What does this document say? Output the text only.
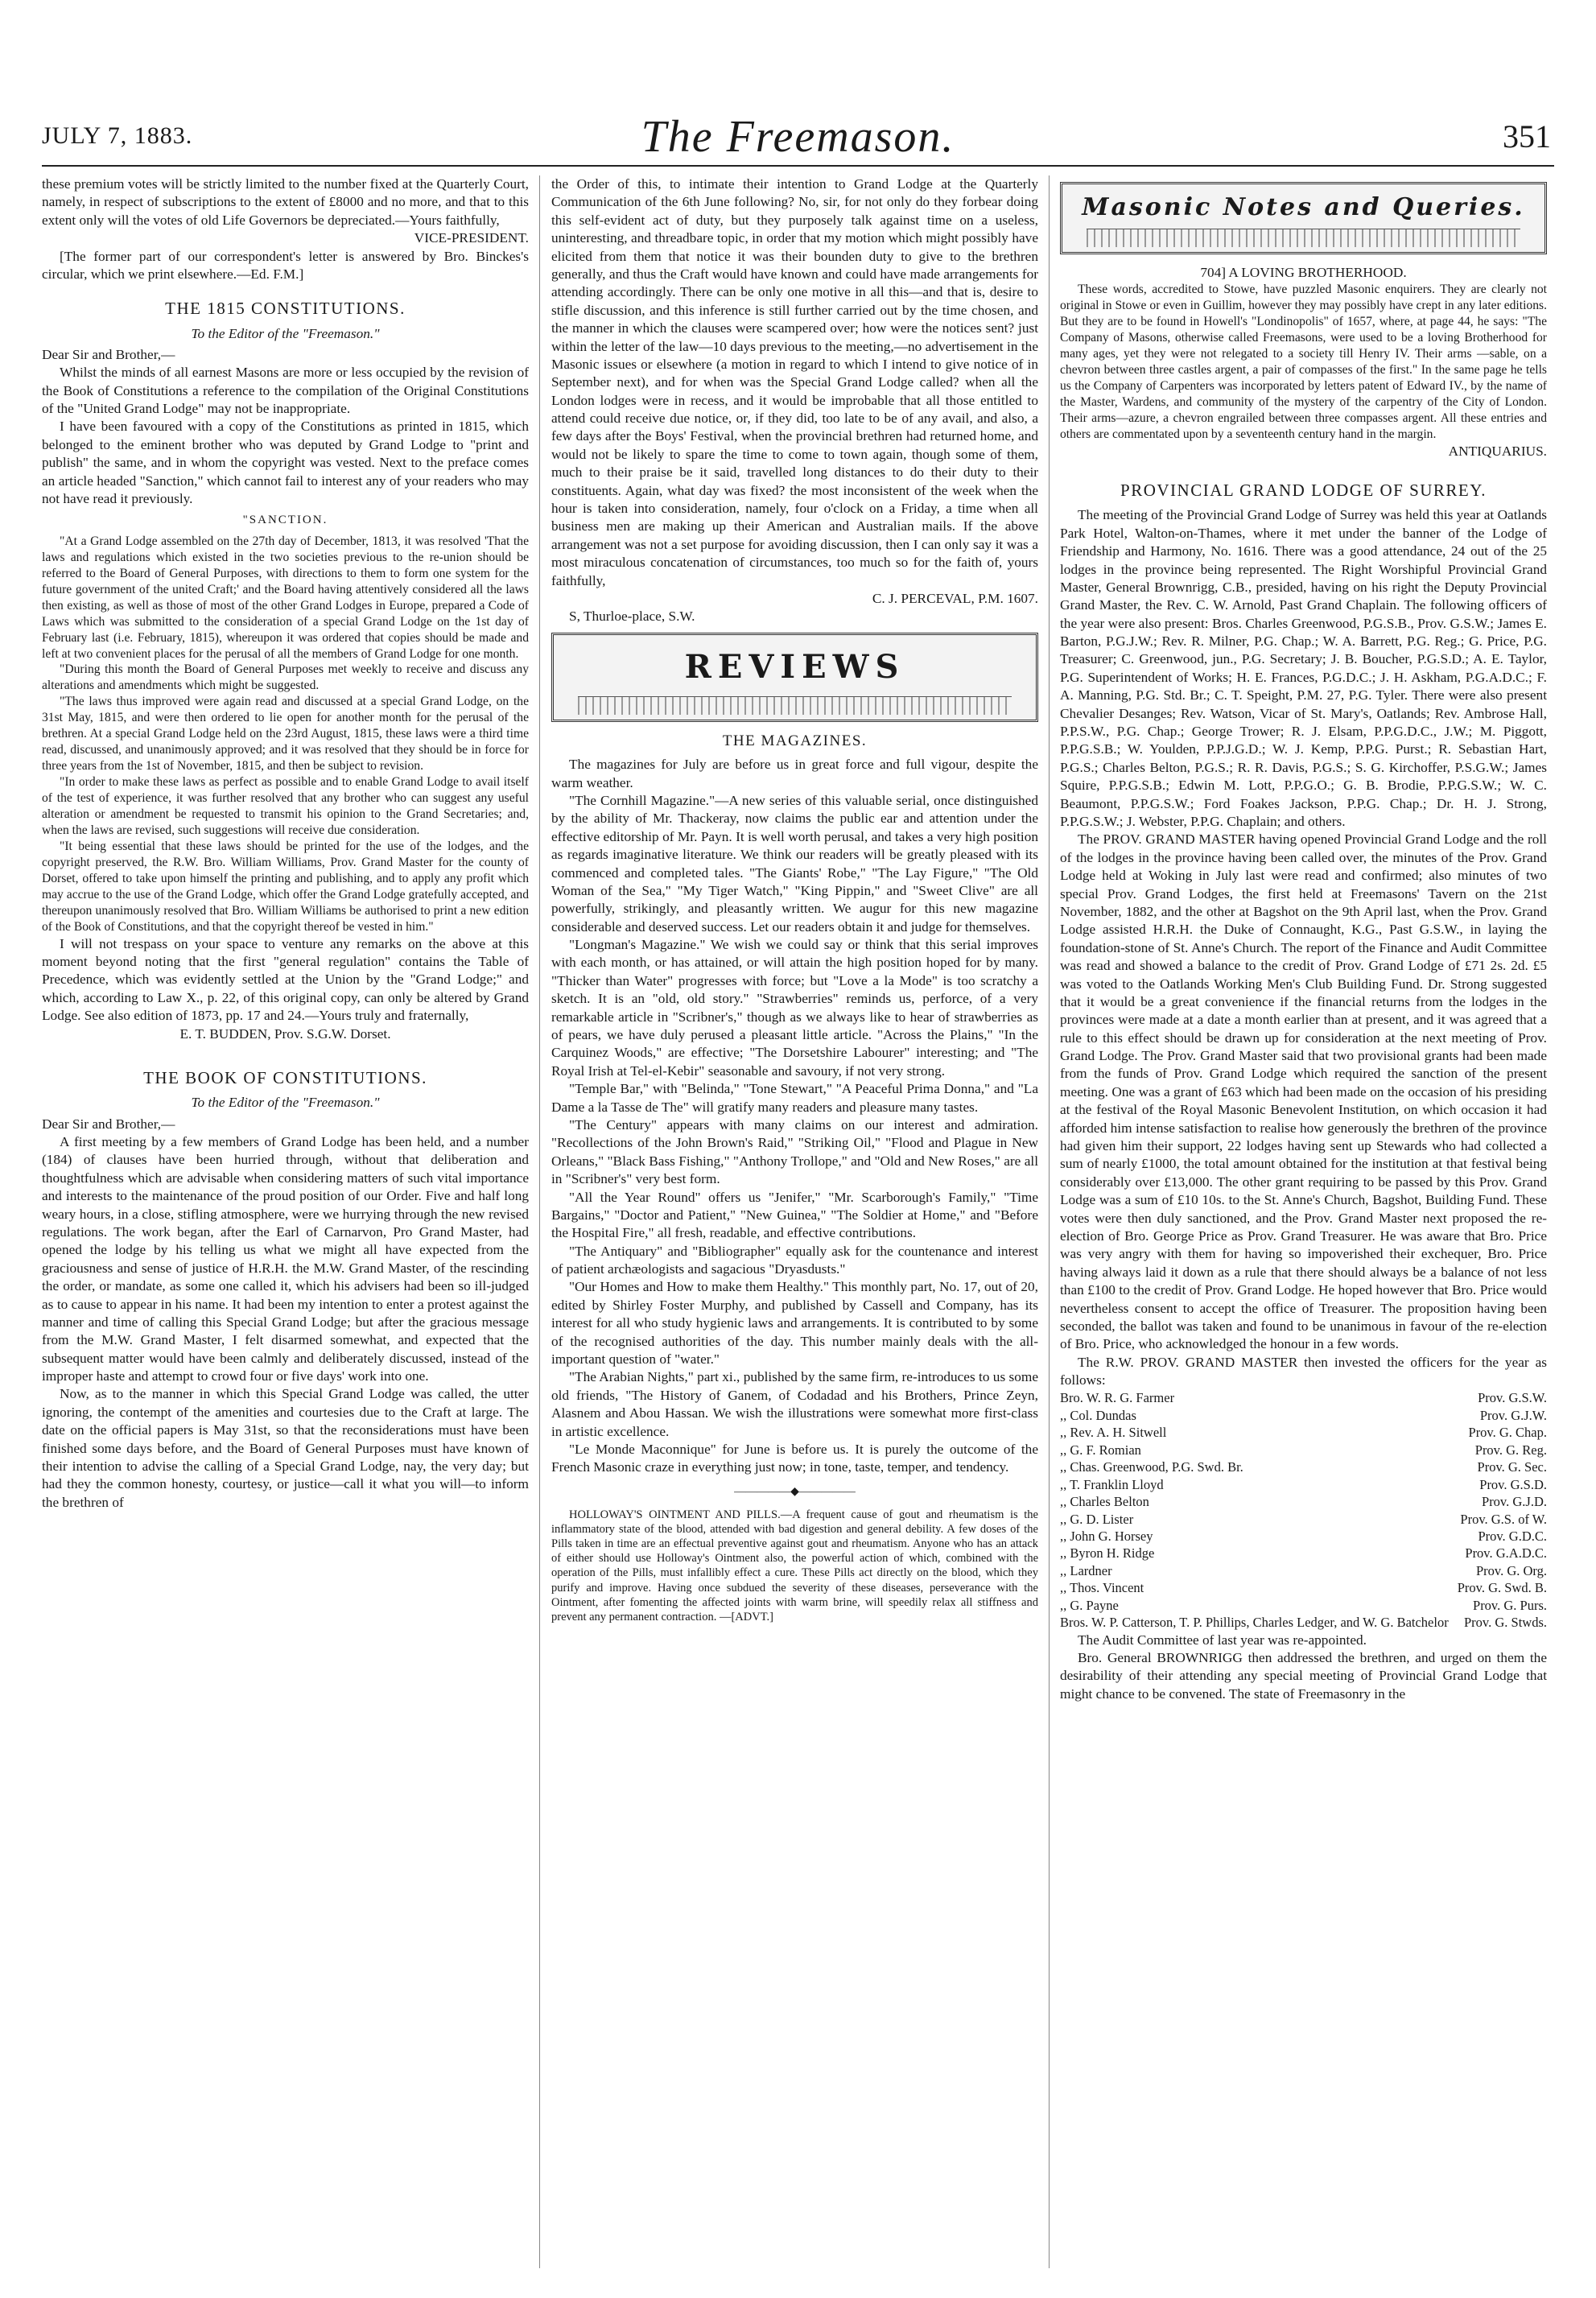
JULY 7, 1883.	The Freemason.	351

these premium votes will be strictly limited to the number fixed at the Quarterly Court, namely, in respect of subscriptions to the extent of £8000 and no more, and that to this extent only will the votes of old Life Governors be depreciated.—Yours faithfully,

VICE-PRESIDENT.

[The former part of our correspondent's letter is answered by Bro. Binckes's circular, which we print elsewhere.—Ed. F.M.]

THE 1815 CONSTITUTIONS.

To the Editor of the "Freemason."

Dear Sir and Brother,—

Whilst the minds of all earnest Masons are more or less occupied by the revision of the Book of Constitutions a reference to the compilation of the Original Constitutions of the "United Grand Lodge" may not be inappropriate.

I have been favoured with a copy of the Constitutions as printed in 1815, which belonged to the eminent brother who was deputed by Grand Lodge to "print and publish" the same, and in whom the copyright was vested. Next to the preface comes an article headed "Sanction," which cannot fail to interest any of your readers who may not have read it previously.

"SANCTION.

"At a Grand Lodge assembled on the 27th day of December, 1813, it was resolved 'That the laws and regulations which existed in the two societies previous to the re-union should be referred to the Board of General Purposes, with directions to them to form one system for the future government of the united Craft;' and the Board having attentively considered all the laws then existing, as well as those of most of the other Grand Lodges in Europe, prepared a Code of Laws which was submitted to the consideration of a special Grand Lodge on the 1st day of February last (i.e. February, 1815), whereupon it was ordered that copies should be made and left at two convenient places for the perusal of all the members of Grand Lodge for one month.

"During this month the Board of General Purposes met weekly to receive and discuss any alterations and amendments which might be suggested.

"The laws thus improved were again read and discussed at a special Grand Lodge, on the 31st May, 1815, and were then ordered to lie open for another month for the perusal of the brethren. At a special Grand Lodge held on the 23rd August, 1815, these laws were a third time read, discussed, and unanimously approved; and it was resolved that they should be in force for three years from the 1st of November, 1815, and then be subject to revision.

"In order to make these laws as perfect as possible and to enable Grand Lodge to avail itself of the test of experience, it was further resolved that any brother who can suggest any useful alteration or amendment be requested to transmit his opinion to the Grand Secretaries; and, when the laws are revised, such suggestions will receive due consideration.

"It being essential that these laws should be printed for the use of the lodges, and the copyright preserved, the R.W. Bro. William Williams, Prov. Grand Master for the county of Dorset, offered to take upon himself the printing and publishing, and to apply any profit which may accrue to the use of the Grand Lodge, which offer the Grand Lodge gratefully accepted, and thereupon unanimously resolved that Bro. William Williams be authorised to print a new edition of the Book of Constitutions, and that the copyright thereof be vested in him."

I will not trespass on your space to venture any remarks on the above at this moment beyond noting that the first "general regulation" contains the Table of Precedence, which was evidently settled at the Union by the "Grand Lodge;" and which, according to Law X., p. 22, of this original copy, can only be altered by Grand Lodge. See also edition of 1873, pp. 17 and 24.—Yours truly and fraternally,

E. T. BUDDEN, Prov. S.G.W. Dorset.

THE BOOK OF CONSTITUTIONS.

To the Editor of the "Freemason."

Dear Sir and Brother,—

A first meeting by a few members of Grand Lodge has been held, and a number (184) of clauses have been hurried through, without that deliberation and thoughtfulness which are advisable when considering matters of such vital importance and interests to the maintenance of the proud position of our Order. Five and half long weary hours, in a close, stifling atmosphere, were we hurrying through the new revised regulations. The work began, after the Earl of Carnarvon, Pro Grand Master, had opened the lodge by his telling us what we might all have expected from the graciousness and sense of justice of H.R.H. the M.W. Grand Master, of the rescinding the order, or mandate, as some one called it, which his advisers had been so ill-judged as to cause to appear in his name. It had been my intention to enter a protest against the manner and time of calling this Special Grand Lodge; but after the gracious message from the M.W. Grand Master, I felt disarmed somewhat, and expected that the subsequent matter would have been calmly and deliberately discussed, instead of the improper haste and attempt to crowd four or five days' work into one.

Now, as to the manner in which this Special Grand Lodge was called, the utter ignoring, the contempt of the amenities and courtesies due to the Craft at large. The date on the official papers is May 31st, so that the reconsiderations must have been finished some days before, and the Board of General Purposes must have known of their intention to advise the calling of a Special Grand Lodge, nay, the very day; but had they the common honesty, courtesy, or justice—call it what you will—to inform the brethren of

the Order of this, to intimate their intention to Grand Lodge at the Quarterly Communication of the 6th June following? No, sir, for not only do they forbear doing this self-evident act of duty, but they purposely talk against time on a useless, uninteresting, and threadbare topic, in order that my motion which might possibly have elicited from them that notice it was their bounden duty to give to the brethren generally, and thus the Craft would have known and could have made arrangements for attending accordingly. There can be only one motive in all this—and that is, desire to stifle discussion, and this inference is still further carried out by the time chosen, and the manner in which the clauses were scampered over; how were the notices sent? just within the letter of the law—10 days previous to the meeting,—no advertisement in the Masonic issues or elsewhere (a motion in regard to which I intend to give notice of in September next), and for when was the Special Grand Lodge called? when all the London lodges were in recess, and it would be improbable that all those entitled to attend could receive due notice, or, if they did, too late to be of any avail, and also, a few days after the Boys' Festival, when the provincial brethren had returned home, and would not be likely to spare the time to come to town again, though some of them, much to their praise be it said, travelled long distances to do their duty to their constituents. Again, what day was fixed? the most inconsistent of the week when the hour is taken into consideration, namely, four o'clock on a Friday, a time when all business men are making up their American and Australian mails. If the above arrangement was not a set purpose for avoiding discussion, then I can only say it was a most miraculous concatenation of circumstances, too much so for the faith of, yours faithfully,

C. J. PERCEVAL, P.M. 1607.

S, Thurloe-place, S.W.

REVIEWS
THE MAGAZINES.

The magazines for July are before us in great force and full vigour, despite the warm weather.

"The Cornhill Magazine."—A new series of this valuable serial, once distinguished by the ability of Mr. Thackeray, now claims the public ear and attention under the effective editorship of Mr. Payn. It is well worth perusal, and takes a very high position as regards imaginative literature. We think our readers will be greatly pleased with its commenced and completed tales. "The Giants' Robe," "The Lay Figure," "The Old Woman of the Sea," "My Tiger Watch," "King Pippin," and "Sweet Clive" are all powerfully, strikingly, and pleasantly written. We augur for this new magazine considerable and deserved success. Let our readers obtain it and judge for themselves.

"Longman's Magazine." We wish we could say or think that this serial improves with each month, or has attained, or will attain the high position hoped for by many. "Thicker than Water" progresses with force; but "Love a la Mode" is too scratchy a sketch. It is an "old, old story." "Strawberries" reminds us, perforce, of a very remarkable article in "Scribner's," though as we always like to hear of strawberries as of pears, we have duly perused a pleasant little article. "Across the Plains," "In the Carquinez Woods," are effective; "The Dorsetshire Labourer" interesting; and "The Royal Irish at Tel-el-Kebir" seasonable and savoury, if not very strong.

"Temple Bar," with "Belinda," "Tone Stewart," "A Peaceful Prima Donna," and "La Dame a la Tasse de The" will gratify many readers and pleasure many tastes.

"The Century" appears with many claims on our interest and admiration. "Recollections of the John Brown's Raid," "Striking Oil," "Flood and Plague in New Orleans," "Black Bass Fishing," "Anthony Trollope," and "Old and New Roses," are all in "Scribner's" very best form.

"All the Year Round" offers us "Jenifer," "Mr. Scarborough's Family," "Time Bargains," "Doctor and Patient," "New Guinea," "The Soldier at Home," and "Before the Hospital Fire," all fresh, readable, and effective contributions.

"The Antiquary" and "Bibliographer" equally ask for the countenance and interest of patient archæologists and sagacious "Dryasdusts."

"Our Homes and How to make them Healthy." This monthly part, No. 17, out of 20, edited by Shirley Foster Murphy, and published by Cassell and Company, has its interest for all who study hygienic laws and arrangements. It is contributed to by some of the recognised authorities of the day. This number mainly deals with the all-important question of "water."

"The Arabian Nights," part xi., published by the same firm, re-introduces to us some old friends, "The History of Ganem, of Codadad and his Brothers, Prince Zeyn, Alasnem and Abou Hassan. We wish the illustrations were somewhat more first-class in artistic excellence.

"Le Monde Maconnique" for June is before us. It is purely the outcome of the French Masonic craze in everything just now; in tone, taste, temper, and tendency.

—————◆—————

HOLLOWAY'S OINTMENT AND PILLS.—A frequent cause of gout and rheumatism is the inflammatory state of the blood, attended with bad digestion and general debility. A few doses of the Pills taken in time are an effectual preventive against gout and rheumatism. Anyone who has an attack of either should use Holloway's Ointment also, the powerful action of which, combined with the operation of the Pills, must infallibly effect a cure. These Pills act directly on the blood, which they purify and improve. Having once subdued the severity of these diseases, perseverance with the Ointment, after fomenting the affected joints with warm brine, will speedily relax all stiffness and prevent any permanent contraction. —[ADVT.]

Masonic Notes and Queries.

704] A LOVING BROTHERHOOD.

These words, accredited to Stowe, have puzzled Masonic enquirers. They are clearly not original in Stowe or even in Guillim, however they may possibly have crept in any later editions. But they are to be found in Howell's "Londinopolis" of 1657, where, at page 44, he says: "The Company of Masons, otherwise called Freemasons, were used to be a loving Brotherhood for many ages, yet they were not relegated to a society till Henry IV. Their arms —sable, on a chevron between three castles argent, a pair of compasses of the first." In the same page he tells us the Company of Carpenters was incorporated by letters patent of Edward IV., by the name of the Master, Wardens, and community of the mystery of the carpentry of the City of London. Their arms—azure, a chevron engrailed between three compasses argent. All these entries and others are commentated upon by a seventeenth century hand in the margin.

ANTIQUARIUS.

PROVINCIAL GRAND LODGE OF SURREY.

The meeting of the Provincial Grand Lodge of Surrey was held this year at Oatlands Park Hotel, Walton-on-Thames, where it met under the banner of the Lodge of Friendship and Harmony, No. 1616. There was a good attendance, 24 out of the 25 lodges in the province being represented. The Right Worshipful Provincial Grand Master, General Brownrigg, C.B., presided, having on his right the Deputy Provincial Grand Master, the Rev. C. W. Arnold, Past Grand Chaplain. The following officers of the year were also present: Bros. Charles Greenwood, P.G.S.B., Prov. G.S.W.; James E. Barton, P.G.J.W.; Rev. R. Milner, P.G. Chap.; W. A. Barrett, P.G. Reg.; G. Price, P.G. Treasurer; C. Greenwood, jun., P.G. Secretary; J. B. Boucher, P.G.S.D.; A. E. Taylor, P.G. Superintendent of Works; H. E. Frances, P.G.D.C.; J. H. Askham, P.G.A.D.C.; F. A. Manning, P.G. Std. Br.; C. T. Speight, P.M. 27, P.G. Tyler. There were also present Chevalier Desanges; Rev. Watson, Vicar of St. Mary's, Oatlands; Rev. Ambrose Hall, P.P.S.W., P.G. Chap.; George Trower; R. J. Elsam, P.P.G.D.C., J.W.; M. Piggott, P.P.G.S.B.; W. Youlden, P.P.J.G.D.; W. J. Kemp, P.P.G. Purst.; R. Sebastian Hart, P.G.S.; Charles Belton, P.G.S.; R. R. Davis, P.G.S.; S. G. Kirchoffer, P.S.G.W.; James Squire, P.P.G.S.B.; Edwin M. Lott, P.P.G.O.; G. B. Brodie, P.P.G.S.W.; W. C. Beaumont, P.P.G.S.W.; Ford Foakes Jackson, P.P.G. Chap.; Dr. H. J. Strong, P.P.G.S.W.; J. Webster, P.P.G. Chaplain; and others.

The PROV. GRAND MASTER having opened Provincial Grand Lodge and the roll of the lodges in the province having been called over, the minutes of the Prov. Grand Lodge held at Woking in July last were read and confirmed; also minutes of two special Prov. Grand Lodges, the first held at Freemasons' Tavern on the 21st November, 1882, and the other at Bagshot on the 9th April last, when the Prov. Grand Lodge assisted H.R.H. the Duke of Connaught, K.G., Past G.S.W., in laying the foundation-stone of St. Anne's Church. The report of the Finance and Audit Committee was read and showed a balance to the credit of Prov. Grand Lodge of £71 2s. 2d. £5 was voted to the Oatlands Working Men's Club Building Fund. Dr. Strong suggested that it would be a great convenience if the financial returns from the lodges in the provinces were made at a date a month earlier than at present, and it was agreed that a rule to this effect should be drawn up for consideration at the next meeting of Prov. Grand Lodge. The Prov. Grand Master said that two provisional grants had been made from the funds of Prov. Grand Lodge which required the sanction of the present meeting. One was a grant of £63 which had been made on the occasion of his presiding at the festival of the Royal Masonic Benevolent Institution, on which occasion it had afforded him intense satisfaction to realise how generously the brethren of the province had given him their support, 22 lodges having sent up Stewards who had collected a sum of nearly £1000, the total amount obtained for the institution at that festival being considerably over £13,000. The other grant requiring to be passed by this Prov. Grand Lodge was a sum of £10 10s. to the St. Anne's Church, Bagshot, Building Fund. These votes were then duly sanctioned, and the Prov. Grand Master next proposed the re-election of Bro. George Price as Prov. Grand Treasurer. He was aware that Bro. Price was very angry with them for having so impoverished their exchequer, Bro. Price having always laid it down as a rule that there should always be a balance of not less than £100 to the credit of Prov. Grand Lodge. He hoped however that Bro. Price would nevertheless consent to accept the office of Treasurer. The proposition having been seconded, the ballot was taken and found to be unanimous in favour of the re-election of Bro. Price, who acknowledged the honour in a few words.

The R.W. PROV. GRAND MASTER then invested the officers for the year as follows:

Bro. W. R. G. Farmer	Prov. G.S.W.
,, Col. Dundas	Prov. G.J.W.
,, Rev. A. H. Sitwell	Prov. G. Chap.
,, G. F. Romian	Prov. G. Reg.
,, Chas. Greenwood, P.G. Swd. Br.	Prov. G. Sec.
,, T. Franklin Lloyd	Prov. G.S.D.
,, Charles Belton	Prov. G.J.D.
,, G. D. Lister	Prov. G.S. of W.
,, John G. Horsey	Prov. G.D.C.
,, Byron H. Ridge	Prov. G.A.D.C.
,, Lardner	Prov. G. Org.
,, Thos. Vincent	Prov. G. Swd. B.
,, G. Payne	Prov. G. Purs.
Bros. W. P. Catterson, T. P. Phillips, Charles Ledger, and W. G. Batchelor	Prov. G. Stwds.

The Audit Committee of last year was re-appointed.

Bro. General BROWNRIGG then addressed the brethren, and urged on them the desirability of their attending any special meeting of Provincial Grand Lodge that might chance to be convened. The state of Freemasonry in the
